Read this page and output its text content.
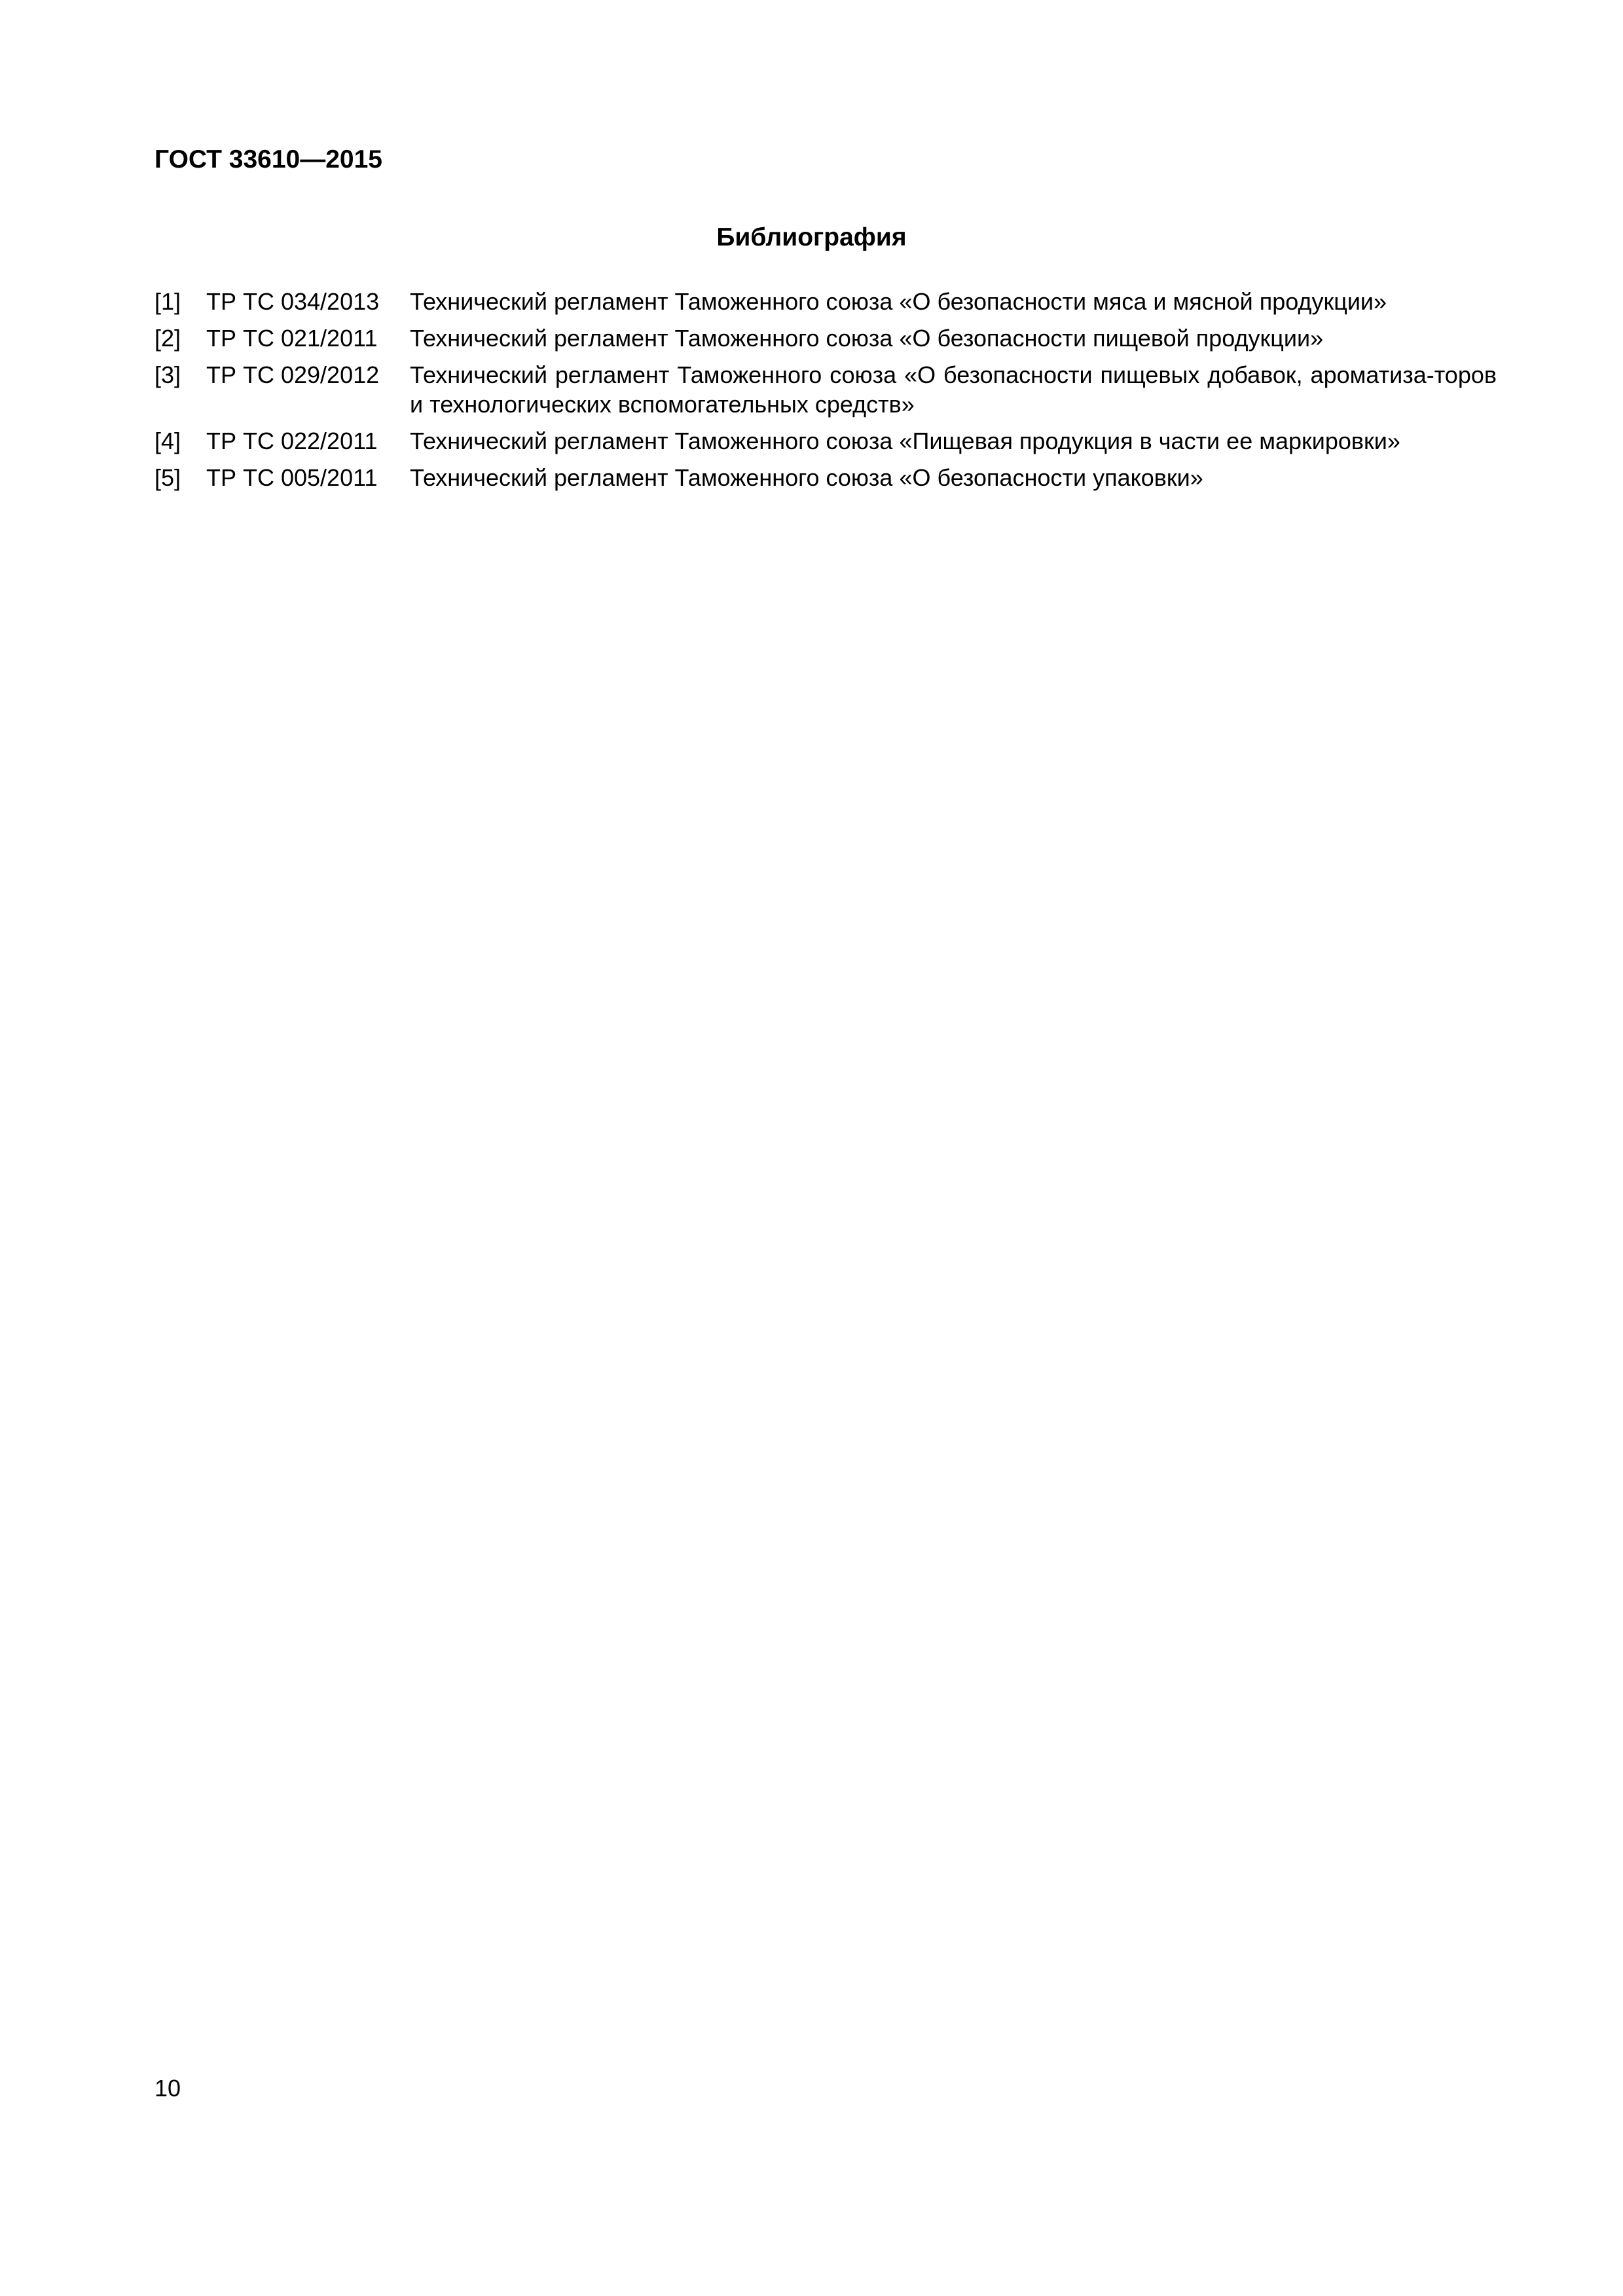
ГОСТ 33610—2015
Библиография
[1] ТР ТС 034/2013 Технический регламент Таможенного союза «О безопасности мяса и мясной продукции»
[2] ТР ТС 021/2011 Технический регламент Таможенного союза «О безопасности пищевой продукции»
[3] ТР ТС 029/2012 Технический регламент Таможенного союза «О безопасности пищевых добавок, ароматиза-торов и технологических вспомогательных средств»
[4] ТР ТС 022/2011 Технический регламент Таможенного союза «Пищевая продукция в части ее маркировки»
[5] ТР ТС 005/2011 Технический регламент Таможенного союза «О безопасности упаковки»
10
